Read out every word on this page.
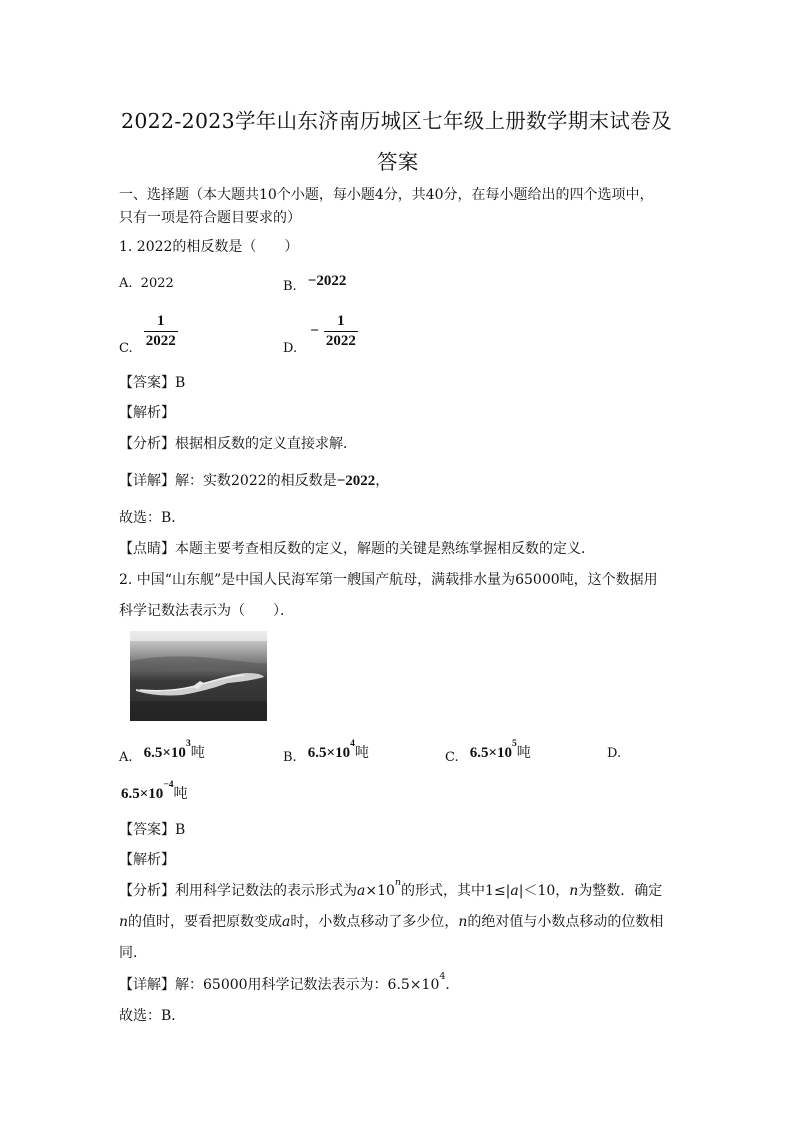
2022-2023学年山东济南历城区七年级上册数学期末试卷及
答案
一、选择题（本大题共10个小题，每小题4分，共40分，在每小题给出的四个选项中，
只有一项是符合题目要求的）
1. 2022的相反数是（　　）
A. 2022	$_{B.}$ −2022
$_{C.} \frac{1}{2022}$	$_{D.} - \frac{1}{2022}$
【答案】B
【解析】
【分析】根据相反数的定义直接求解．
【详解】解：实数2022的相反数是−2022，
故选：B．
【点睛】本题主要考查相反数的定义，解题的关键是熟练掌握相反数的定义．
2. 中国“山东舰”是中国人民海军第一艘国产航母，满载排水量为65000吨，这个数据用
科学记数法表示为（　　）．
$_{A.}$ $6.5\times 10^3$吨	$_{B.}$ $6.5\times 10^4$吨	$_{C.}$ $6.5\times 10^5$吨	D.
$6.5\times 10^{-4}$吨
【答案】B
【解析】
【分析】利用科学记数法的表示形式为$a\times 10^n$的形式，其中1≤|a|＜10，n为整数．确定
n的值时，要看把原数变成a时，小数点移动了多少位，n的绝对值与小数点移动的位数相
同．
【详解】解：65000用科学记数法表示为：$6.5\times 10^4$．
故选：B．
